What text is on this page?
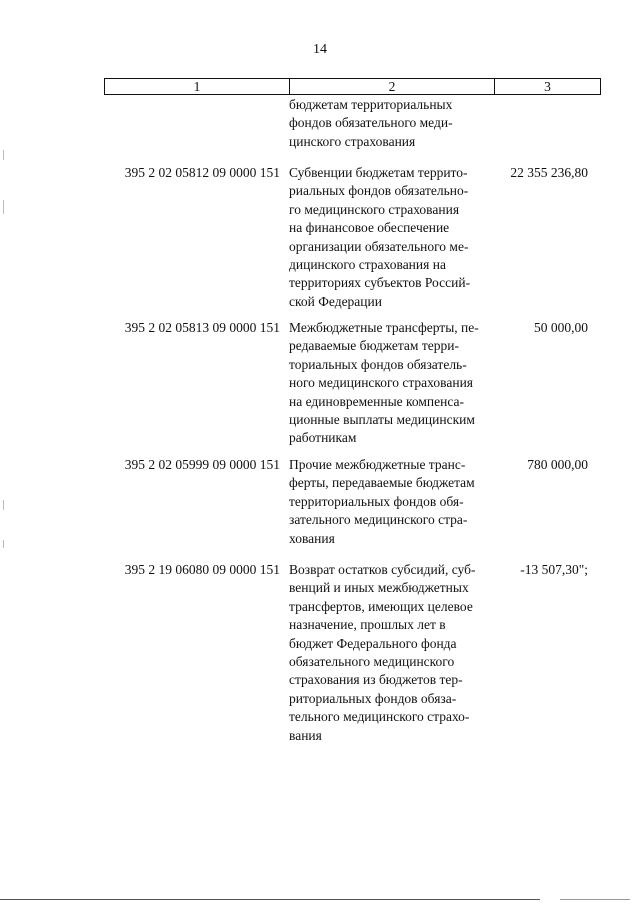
14
1	2	3
бюджетам территориальных
фондов обязательного меди-
цинского страхования
395 2 02 05812 09 0000 151 Субвенции бюджетам террито-
риальных фондов обязательно-
го медицинского страхования
на финансовое обеспечение
организации обязательного ме-
дицинского страхования на
территориях субъектов Россий-
ской Федерации
22 355 236,80
395 2 02 05813 09 0000 151 Межбюджетные трансферты, пе-
редаваемые бюджетам терри-
ториальных фондов обязатель-
ного медицинского страхования
на единовременные компенса-
ционные выплаты медицинским
работникам
50 000,00
395 2 02 05999 09 0000 151 Прочие межбюджетные транс-
ферты, передаваемые бюджетам
территориальных фондов обя-
зательного медицинского стра-
хования
780 000,00
395 2 19 06080 09 0000 151 Возврат остатков субсидий, суб-
венций и иных межбюджетных
трансфертов, имеющих целевое
назначение, прошлых лет в
бюджет Федерального фонда
обязательного медицинского
страхования из бюджетов тер-
риториальных фондов обяза-
тельного медицинского страхо-
вания
-13 507,30";
